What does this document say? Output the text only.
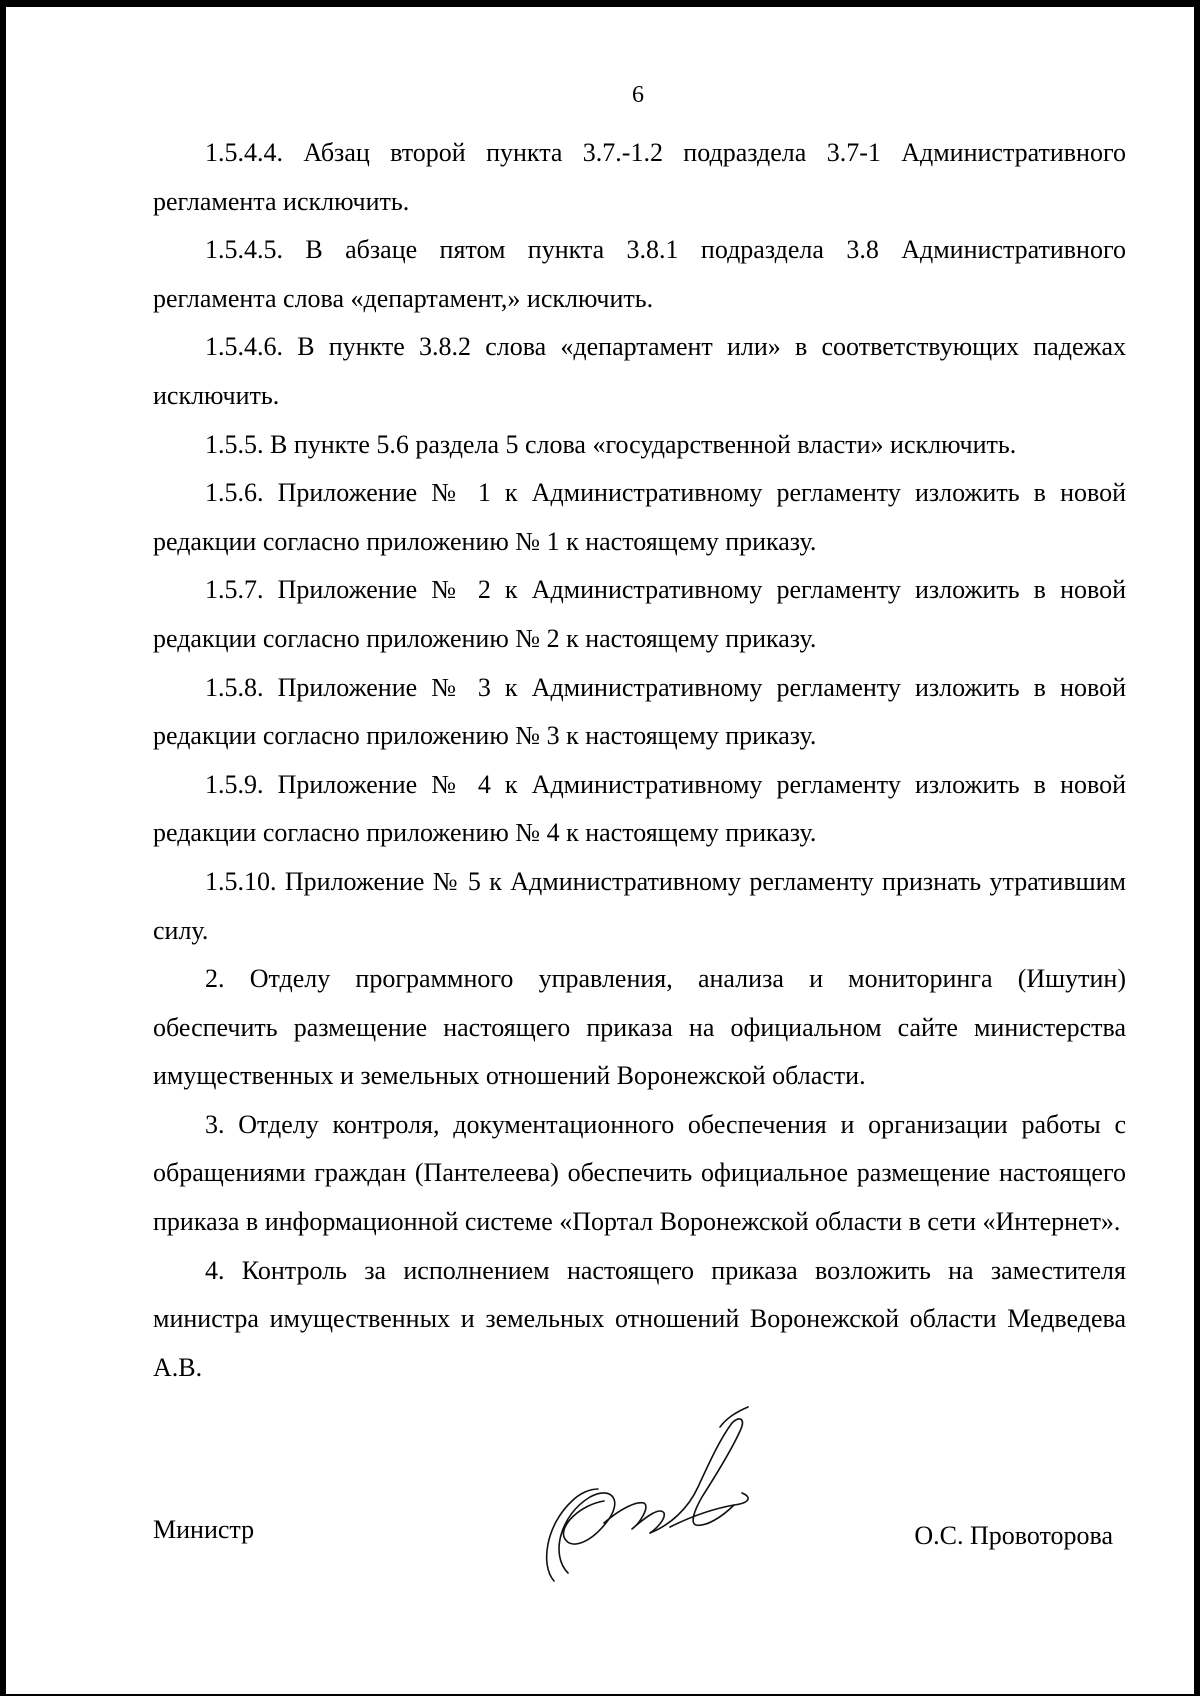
6

1.5.4.4. Абзац второй пункта 3.7.-1.2 подраздела 3.7-1 Административного регламента исключить.

1.5.4.5. В абзаце пятом пункта 3.8.1 подраздела 3.8 Административного регламента слова «департамент,» исключить.

1.5.4.6. В пункте 3.8.2 слова «департамент или» в соответствующих падежах исключить.

1.5.5. В пункте 5.6 раздела 5 слова «государственной власти» исключить.

1.5.6. Приложение № 1 к Административному регламенту изложить в новой редакции согласно приложению № 1 к настоящему приказу.

1.5.7. Приложение № 2 к Административному регламенту изложить в новой редакции согласно приложению № 2 к настоящему приказу.

1.5.8. Приложение № 3 к Административному регламенту изложить в новой редакции согласно приложению № 3 к настоящему приказу.

1.5.9. Приложение № 4 к Административному регламенту изложить в новой редакции согласно приложению № 4 к настоящему приказу.

1.5.10. Приложение № 5 к Административному регламенту признать утратившим силу.

2. Отделу программного управления, анализа и мониторинга (Ишутин) обеспечить размещение настоящего приказа на официальном сайте министерства имущественных и земельных отношений Воронежской области.

3. Отделу контроля, документационного обеспечения и организации работы с обращениями граждан (Пантелеева) обеспечить официальное размещение настоящего приказа в информационной системе «Портал Воронежской области в сети «Интернет».

4. Контроль за исполнением настоящего приказа возложить на заместителя министра имущественных и земельных отношений Воронежской области Медведева А.В.

Министр	О.С. Провоторова
